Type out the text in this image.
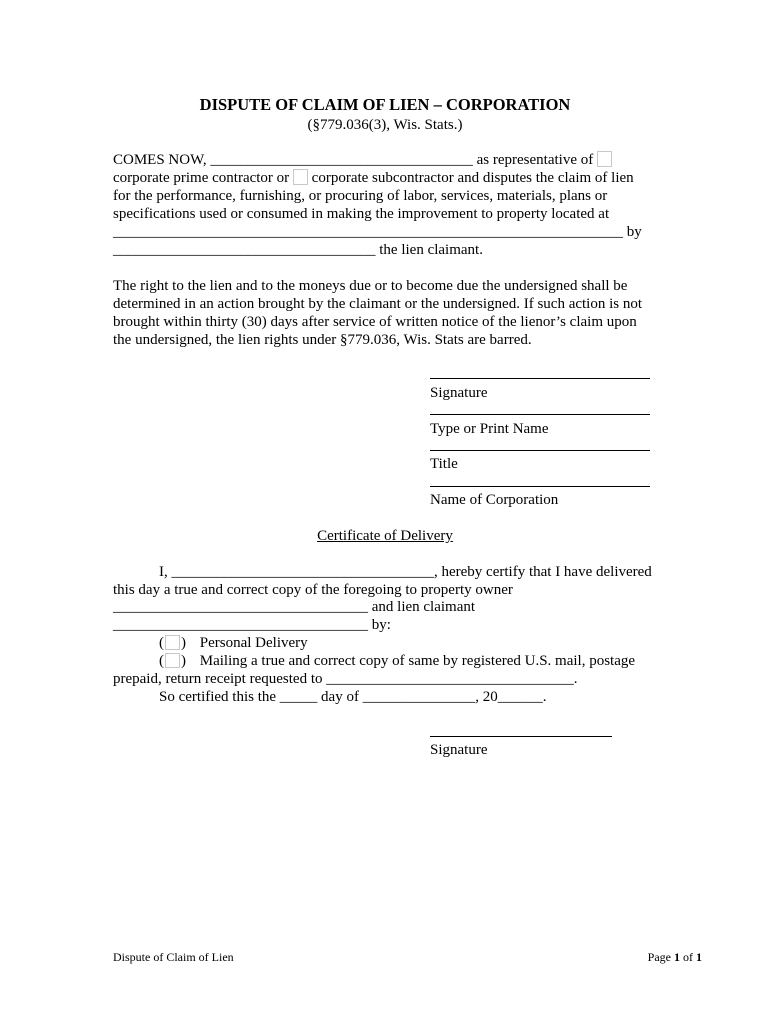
DISPUTE OF CLAIM OF LIEN – CORPORATION
(§779.036(3), Wis. Stats.)
COMES NOW, ___________________________________ as representative of
corporate prime contractor or corporate subcontractor and disputes the claim of lien
for the performance, furnishing, or procuring of labor, services, materials, plans or
specifications used or consumed in making the improvement to property located at
____________________________________________________________________ by
___________________________________ the lien claimant.
The right to the lien and to the moneys due or to become due the undersigned shall be
determined in an action brought by the claimant or the undersigned. If such action is not
brought within thirty (30) days after service of written notice of the lienor’s claim upon
the undersigned, the lien rights under §779.036, Wis. Stats are barred.
Signature
Type or Print Name
Title
Name of Corporation
Certificate of Delivery
I, ___________________________________, hereby certify that I have delivered
this day a true and correct copy of the foregoing to property owner
__________________________________ and lien claimant
__________________________________ by:
( ) Personal Delivery
( ) Mailing a true and correct copy of same by registered U.S. mail, postage
prepaid, return receipt requested to _________________________________.
So certified this the _____ day of _______________, 20______.
Signature
Dispute of Claim of Lien	Page 1 of 1
